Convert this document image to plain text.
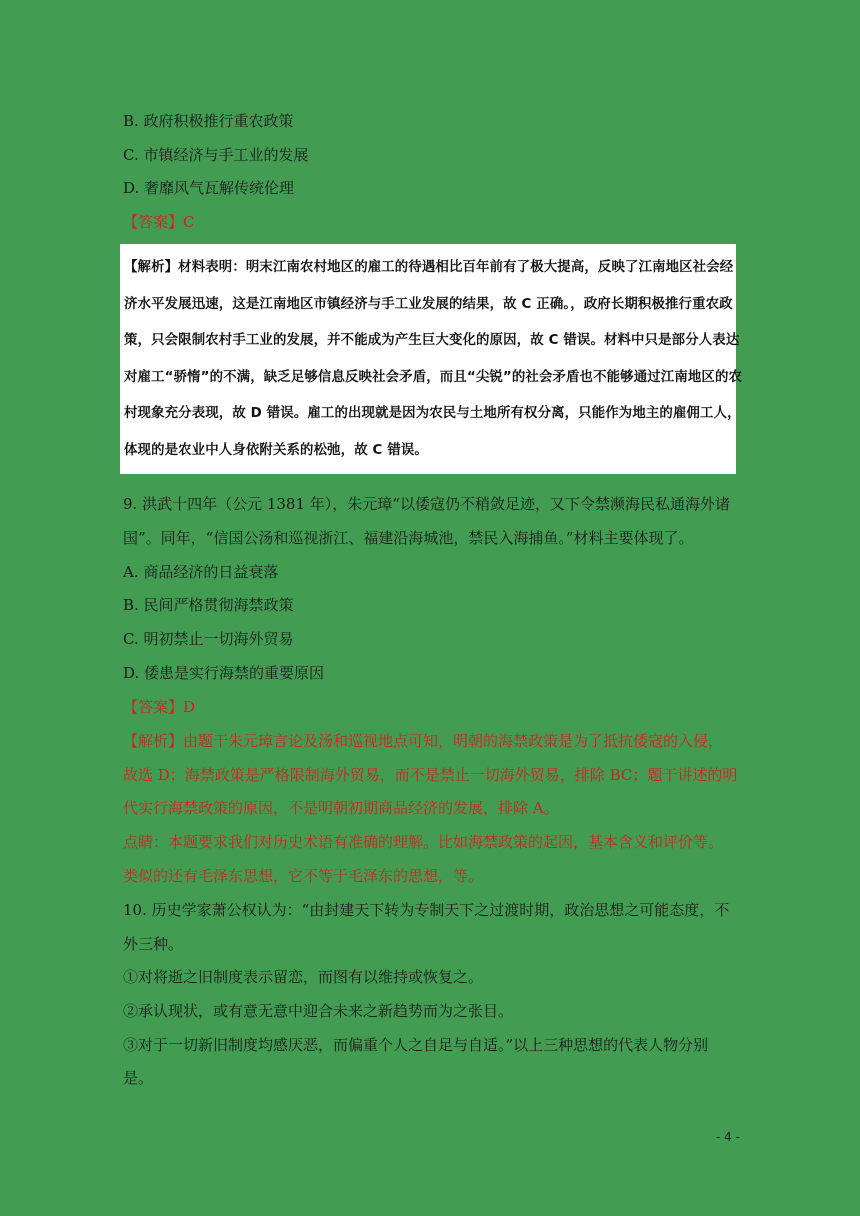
B. 政府积极推行重农政策
C. 市镇经济与手工业的发展
D. 奢靡风气瓦解传统伦理
【答案】C
【解析】材料表明：明末江南农村地区的雇工的待遇相比百年前有了极大提高，反映了江南地区社会经
济水平发展迅速，这是江南地区市镇经济与手工业发展的结果，故 C 正确。，政府长期积极推行重农政
策，只会限制农村手工业的发展，并不能成为产生巨大变化的原因，故 C 错误。材料中只是部分人表达
对雇工“骄惰”的不满，缺乏足够信息反映社会矛盾，而且“尖锐”的社会矛盾也不能够通过江南地区的农
村现象充分表现，故 D 错误。雇工的出现就是因为农民与土地所有权分离，只能作为地主的雇佣工人，
体现的是农业中人身依附关系的松弛，故 C 错误。
9. 洪武十四年（公元 1381 年），朱元璋“以倭寇仍不稍敛足迹，又下令禁濒海民私通海外诸
国”。同年，“信国公汤和巡视浙江、福建沿海城池，禁民入海捕鱼。”材料主要体现了。
A. 商品经济的日益衰落
B. 民间严格贯彻海禁政策
C. 明初禁止一切海外贸易
D. 倭患是实行海禁的重要原因
【答案】D
【解析】由题干朱元璋言论及汤和巡视地点可知，明朝的海禁政策是为了抵抗倭寇的入侵，
故选 D；海禁政策是严格限制海外贸易，而不是禁止一切海外贸易，排除 BC；题干讲述的明
代实行海禁政策的原因，不是明朝初期商品经济的发展，排除 A。
点睛：本题要求我们对历史术语有准确的理解。比如海禁政策的起因，基本含义和评价等。
类似的还有毛泽东思想，它不等于毛泽东的思想，等。
10. 历史学家萧公权认为：“由封建天下转为专制天下之过渡时期，政治思想之可能态度，不
外三种。
①对将逝之旧制度表示留恋，而图有以维持或恢复之。
②承认现状，或有意无意中迎合未来之新趋势而为之张目。
③对于一切新旧制度均感厌恶，而偏重个人之自足与自适。”以上三种思想的代表人物分别
是。
- 4 -
